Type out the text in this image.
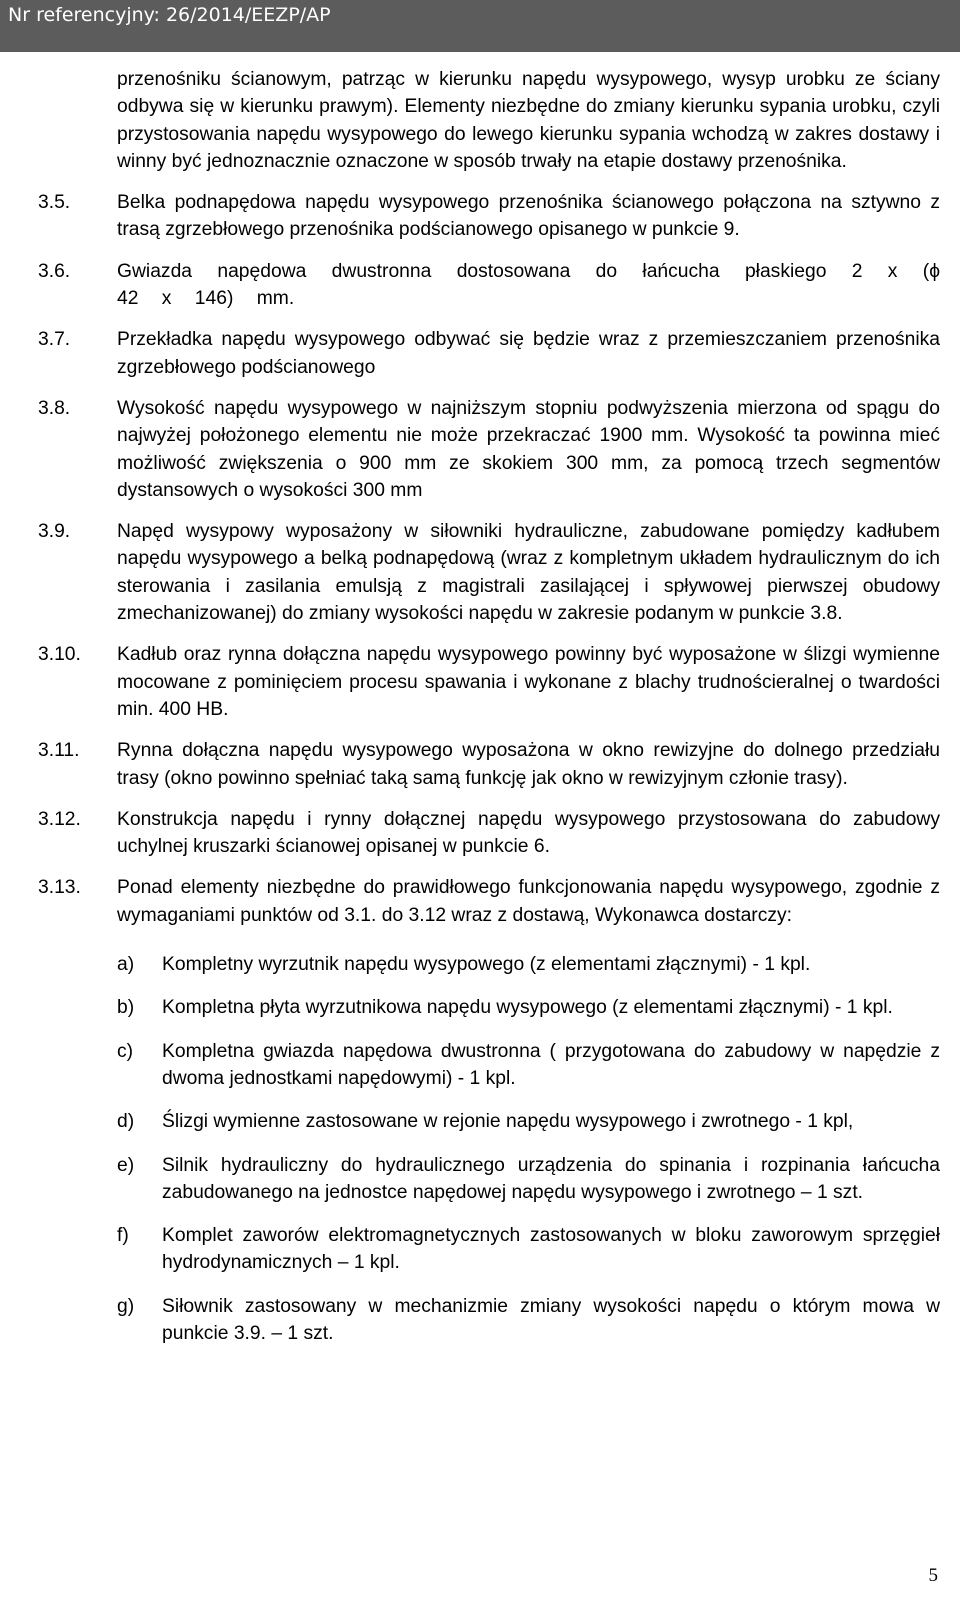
Nr referencyjny: 26/2014/EEZP/AP
przenośniku ścianowym, patrząc w kierunku napędu wysypowego, wysyp urobku ze ściany odbywa się w kierunku prawym). Elementy niezbędne do zmiany kierunku sypania urobku, czyli przystosowania napędu wysypowego do lewego kierunku sypania wchodzą w zakres dostawy i winny być jednoznacznie oznaczone w sposób trwały na etapie dostawy przenośnika.
3.5.	Belka podnapędowa napędu wysypowego przenośnika ścianowego połączona na sztywno z trasą zgrzebłowego przenośnika podścianowego opisanego w punkcie 9.
3.6.	Gwiazda napędowa dwustronna dostosowana do łańcucha płaskiego 2 x (ϕ 42 x 146) mm.
3.7.	Przekładka napędu wysypowego odbywać się będzie wraz z przemieszczaniem przenośnika zgrzebłowego podścianowego
3.8.	Wysokość napędu wysypowego w najniższym stopniu podwyższenia mierzona od spągu do najwyżej położonego elementu nie może przekraczać 1900 mm. Wysokość ta powinna mieć możliwość zwiększenia o 900 mm ze skokiem 300 mm, za pomocą trzech segmentów dystansowych o wysokości 300 mm
3.9.	Napęd wysypowy wyposażony w siłowniki hydrauliczne, zabudowane pomiędzy kadłubem napędu wysypowego a belką podnapędową (wraz z kompletnym układem hydraulicznym do ich sterowania i zasilania emulsją z magistrali zasilającej i spływowej pierwszej obudowy zmechanizowanej) do zmiany wysokości napędu w zakresie podanym w punkcie 3.8.
3.10.	Kadłub oraz rynna dołączna napędu wysypowego powinny być wyposażone w ślizgi wymienne mocowane z pominięciem procesu spawania i wykonane z blachy trudnościeralnej o twardości min. 400 HB.
3.11.	Rynna dołączna napędu wysypowego wyposażona w okno rewizyjne do dolnego przedziału trasy (okno powinno spełniać taką samą funkcję jak okno w rewizyjnym członie trasy).
3.12.	Konstrukcja napędu i rynny dołącznej napędu wysypowego przystosowana do zabudowy uchylnej kruszarki ścianowej opisanej w punkcie 6.
3.13.	Ponad elementy niezbędne do prawidłowego funkcjonowania napędu wysypowego, zgodnie z wymaganiami punktów od 3.1. do 3.12 wraz z dostawą, Wykonawca dostarczy:
a)	Kompletny wyrzutnik napędu wysypowego (z elementami złącznymi) - 1 kpl.
b)	Kompletna płyta wyrzutnikowa napędu wysypowego (z elementami złącznymi) - 1 kpl.
c)	Kompletna gwiazda napędowa dwustronna ( przygotowana do zabudowy w napędzie z dwoma jednostkami napędowymi) - 1 kpl.
d)	Ślizgi wymienne zastosowane w rejonie napędu wysypowego i zwrotnego - 1 kpl,
e)	Silnik hydrauliczny do hydraulicznego urządzenia do spinania i rozpinania łańcucha zabudowanego na jednostce napędowej napędu wysypowego i zwrotnego – 1 szt.
f)	Komplet zaworów elektromagnetycznych zastosowanych w bloku zaworowym sprzęgieł hydrodynamicznych – 1 kpl.
g)	Siłownik zastosowany w mechanizmie zmiany wysokości napędu o którym mowa w punkcie 3.9. – 1 szt.
5
